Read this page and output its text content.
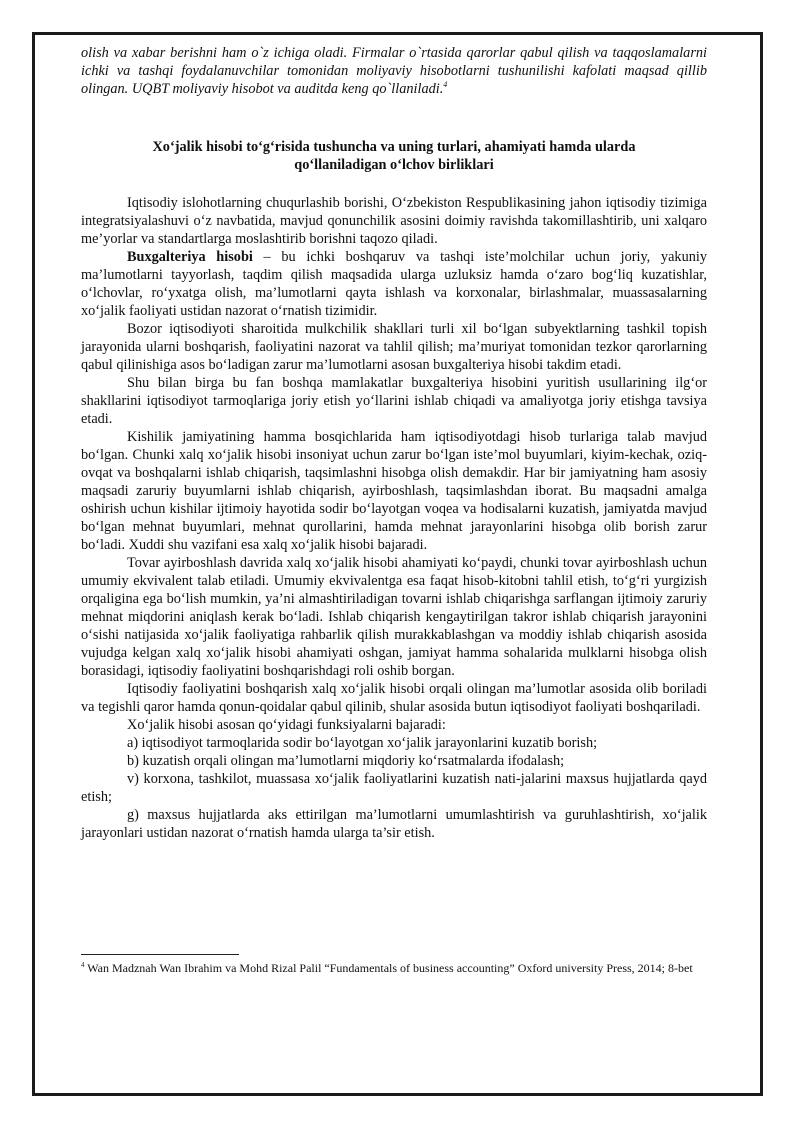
olish va xabar berishni ham o`z ichiga oladi. Firmalar o`rtasida qarorlar qabul qilish va taqqoslamalarni ichki va tashqi foydalanuvchilar tomonidan moliyaviy hisobotlarni tushunilishi kafolati maqsad qillib olingan. UQBT moliyaviy hisobot va auditda keng qo`llaniladi.$^4$

Xo‘jalik hisobi to‘g‘risida tushuncha va uning turlari, ahamiyati hamda ularda
qo‘llaniladigan o‘lchov birliklari

Iqtisodiy islohotlarning chuqurlashib borishi, O‘zbekiston Respublikasining jahon iqtisodiy tizimiga integratsiyalashuvi o‘z navbatida, mavjud qonunchilik asosini doimiy ravishda takomillashtirib, uni xalqaro me’yorlar va standartlarga moslashtirib borishni taqozo qiladi.

Buxgalteriya hisobi – bu ichki boshqaruv va tashqi iste’molchilar uchun joriy, yakuniy ma’lumotlarni tayyorlash, taqdim qilish maqsadida ularga uzluksiz hamda o‘zaro bog‘liq kuzatishlar, o‘lchovlar, ro‘yxatga olish, ma’lumotlarni qayta ishlash va korxonalar, birlashmalar, muassasalarning xo‘jalik faoliyati ustidan nazorat o‘rnatish tizimidir.

Bozor iqtisodiyoti sharoitida mulkchilik shakllari turli xil bo‘lgan subyektlarning tashkil topish jarayonida ularni boshqarish, faoliyatini nazorat va tahlil qilish; ma’muriyat tomonidan tezkor qarorlarning qabul qilinishiga asos bo‘ladigan zarur ma’lumotlarni asosan buxgalteriya hisobi takdim etadi.

Shu bilan birga bu fan boshqa mamlakatlar buxgalteriya hisobini yuritish usullarining ilg‘or shakllarini iqtisodiyot tarmoqlariga joriy etish yo‘llarini ishlab chiqadi va amaliyotga joriy etishga tavsiya etadi.

Kishilik jamiyatining hamma bosqichlarida ham iqtisodiyotdagi hisob turlariga talab mavjud bo‘lgan. Chunki xalq xo‘jalik hisobi insoniyat uchun zarur bo‘lgan iste’mol buyumlari, kiyim-kechak, oziq-ovqat va boshqalarni ishlab chiqarish, taqsimlashni hisobga olish demakdir. Har bir jamiyatning ham asosiy maqsadi zaruriy buyumlarni ishlab chiqarish, ayirboshlash, taqsimlashdan iborat. Bu maqsadni amalga oshirish uchun kishilar ijtimoiy hayotida sodir bo‘layotgan voqea va hodisalarni kuzatish, jamiyatda mavjud bo‘lgan mehnat buyumlari, mehnat qurollarini, hamda mehnat jarayonlarini hisobga olib borish zarur bo‘ladi. Xuddi shu vazifani esa xalq xo‘jalik hisobi bajaradi.

Tovar ayirboshlash davrida xalq xo‘jalik hisobi ahamiyati ko‘paydi, chunki tovar ayirboshlash uchun umumiy ekvivalent talab etiladi. Umumiy ekvivalentga esa faqat hisob-kitobni tahlil etish, to‘g‘ri yurgizish orqaligina ega bo‘lish mumkin, ya’ni almashtiriladigan tovarni ishlab chiqarishga sarflangan ijtimoiy zaruriy mehnat miqdorini aniqlash kerak bo‘ladi. Ishlab chiqarish kengaytirilgan takror ishlab chiqarish jarayonini o‘sishi natijasida xo‘jalik faoliyatiga rahbarlik qilish murakkablashgan va moddiy ishlab chiqarish asosida vujudga kelgan xalq xo‘jalik hisobi ahamiyati oshgan, jamiyat hamma sohalarida mulklarni hisobga olish borasidagi, iqtisodiy faoliyatini boshqarishdagi roli oshib borgan.

Iqtisodiy faoliyatini boshqarish xalq xo‘jalik hisobi orqali olingan ma’lumotlar asosida olib boriladi va tegishli qaror hamda qonun-qoidalar qabul qilinib, shular asosida butun iqtisodiyot faoliyati boshqariladi.

Xo‘jalik hisobi asosan qo‘yidagi funksiyalarni bajaradi:

a) iqtisodiyot tarmoqlarida sodir bo‘layotgan xo‘jalik jarayonlarini kuzatib borish;

b) kuzatish orqali olingan ma’lumotlarni miqdoriy ko‘rsatmalarda ifodalash;

v) korxona, tashkilot, muassasa xo‘jalik faoliyatlarini kuzatish nati-jalarini maxsus hujjatlarda qayd etish;

g) maxsus hujjatlarda aks ettirilgan ma’lumotlarni umumlashtirish va guruhlashtirish, xo‘jalik jarayonlari ustidan nazorat o‘rnatish hamda ularga ta’sir etish.

$^4$ Wan Madznah Wan Ibrahim va Mohd Rizal Palil “Fundamentals of business accounting” Oxford university Press, 2014; 8-bet
